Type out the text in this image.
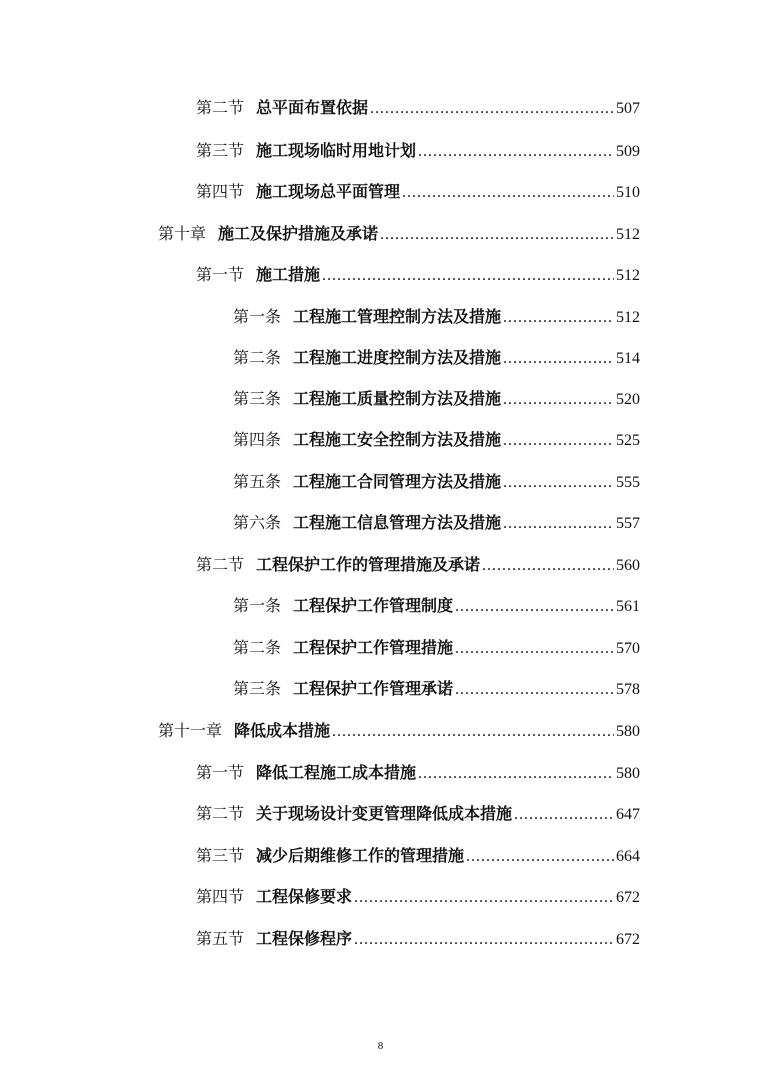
第二节 总平面布置依据 .....	507
第三节 施工现场临时用地计划 .....	509
第四节 施工现场总平面管理 .....	510
第十章 施工及保护措施及承诺 .....	512
第一节 施工措施 .....	512
第一条 工程施工管理控制方法及措施 .....	512
第二条 工程施工进度控制方法及措施 .....	514
第三条 工程施工质量控制方法及措施 .....	520
第四条 工程施工安全控制方法及措施 .....	525
第五条 工程施工合同管理方法及措施 .....	555
第六条 工程施工信息管理方法及措施 .....	557
第二节 工程保护工作的管理措施及承诺 .....	560
第一条 工程保护工作管理制度 .....	561
第二条 工程保护工作管理措施 .....	570
第三条 工程保护工作管理承诺 .....	578
第十一章 降低成本措施 .....	580
第一节 降低工程施工成本措施 .....	580
第二节 关于现场设计变更管理降低成本措施 .....	647
第三节 减少后期维修工作的管理措施 .....	664
第四节 工程保修要求 .....	672
第五节 工程保修程序 .....	672
8
